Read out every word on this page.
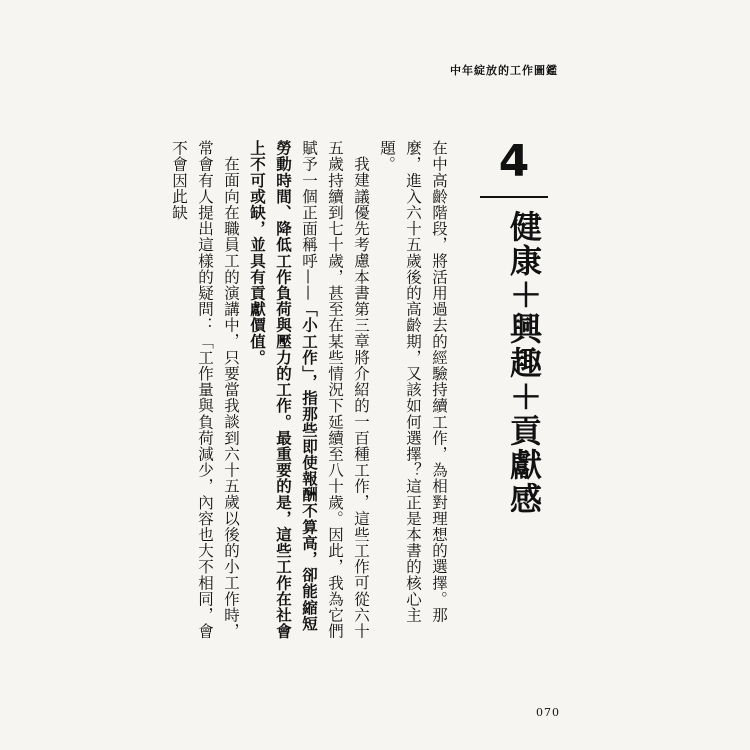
中年綻放的工作圖鑑
4
健康＋興趣＋貢獻感

在中高齡階段，將活用過去的經驗持續工作，為相對理想的選擇。那麼，進入六十五歲後的高齡期，又該如何選擇？這正是本書的核心主題。

我建議優先考慮本書第三章將介紹的一百種工作，這些工作可從六十五歲持續到七十歲，甚至在某些情況下延續至八十歲。因此，我為它們賦予一個正面稱呼——「小工作」，指那些即使報酬不算高，卻能縮短勞動時間、降低工作負荷與壓力的工作。最重要的是，這些工作在社會上不可或缺，並具有貢獻價值。

在面向在職員工的演講中，只要當我談到六十五歲以後的小工作時，常會有人提出這樣的疑問：「工作量與負荷減少，內容也大不相同，會不會因此缺

070
